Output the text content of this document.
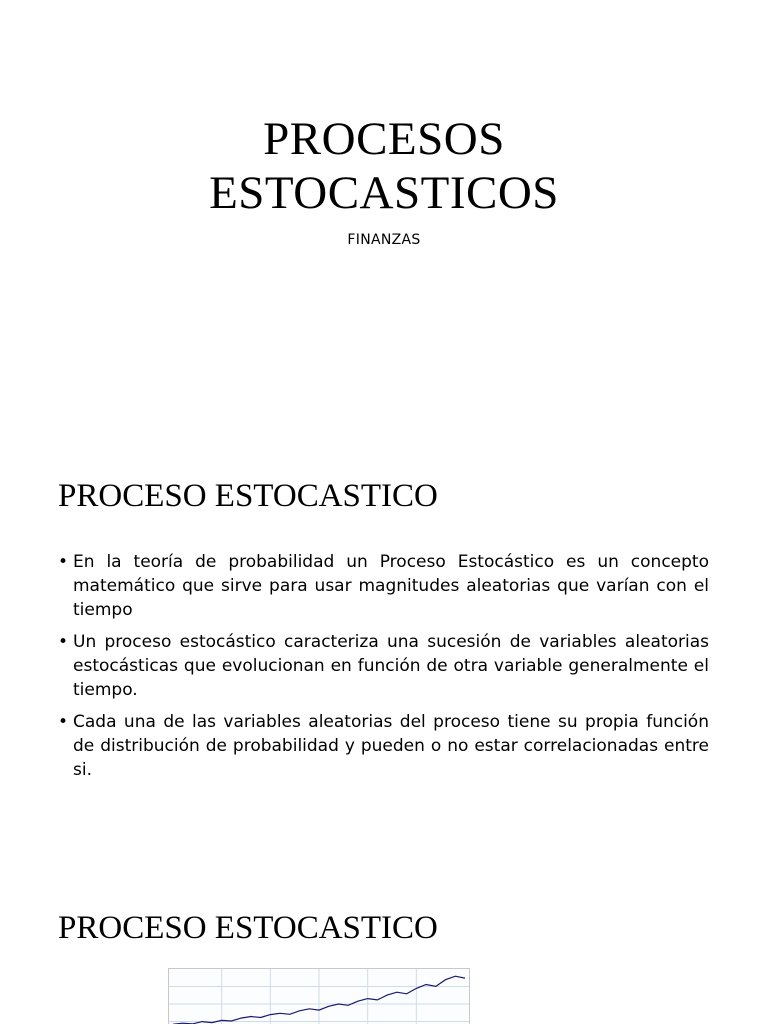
PROCESOS
ESTOCASTICOS
FINANZAS
PROCESO ESTOCASTICO
• En la teoría de probabilidad un Proceso Estocástico es un concepto matemático que sirve para usar magnitudes aleatorias que varían con el tiempo
• Un proceso estocástico caracteriza una sucesión de variables aleatorias estocásticas que evolucionan en función de otra variable generalmente el tiempo.
• Cada una de las variables aleatorias del proceso tiene su propia función de distribución de probabilidad y pueden o no estar correlacionadas entre si.
PROCESO ESTOCASTICO
